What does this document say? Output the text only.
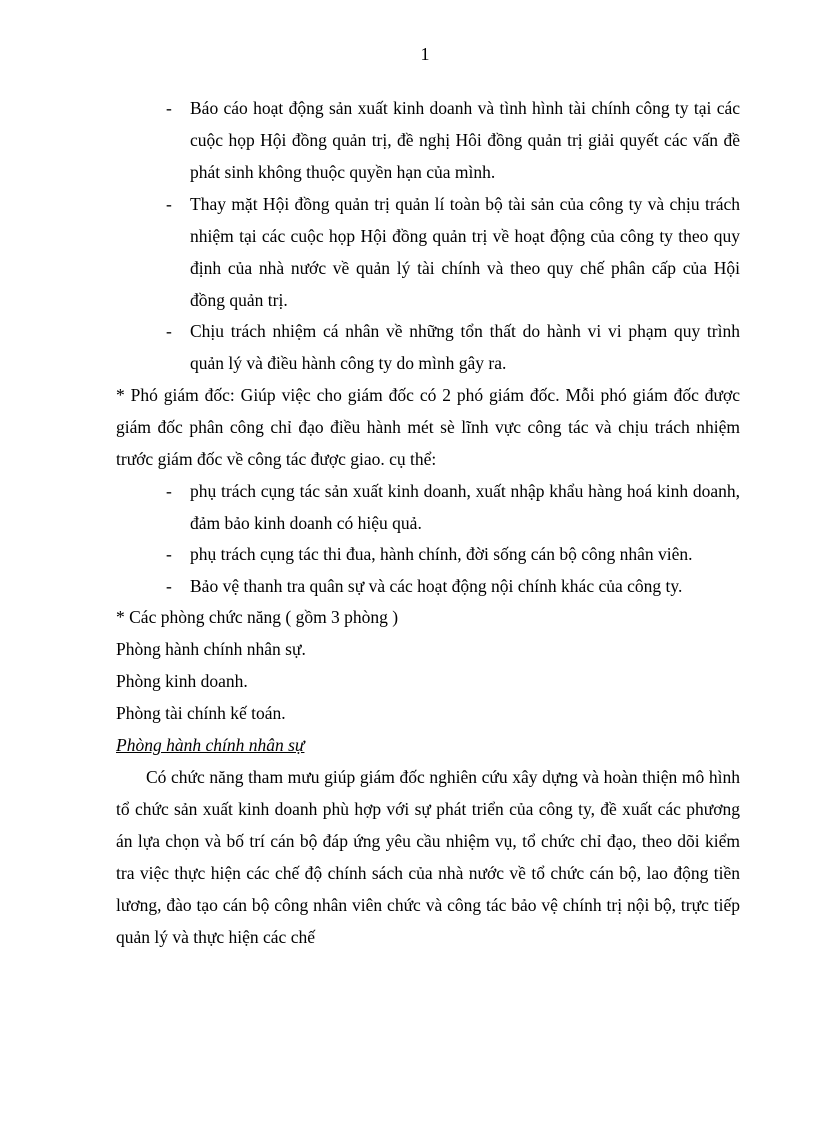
1
- Báo cáo hoạt động sản xuất kinh doanh và tình hình tài chính công ty tại các cuộc họp Hội đồng quản trị, đề nghị Hôi đồng quản trị giải quyết các vấn đề phát sinh không thuộc quyền hạn của mình.
- Thay mặt Hội đồng quản trị quản lí toàn bộ tài sản của công ty và chịu trách nhiệm tại các cuộc họp Hội đồng quản trị về hoạt động của công ty theo quy định của nhà nước về quản lý tài chính và theo quy chế phân cấp của Hội đồng quản trị.
- Chịu trách nhiệm cá nhân về những tổn thất do hành vi vi phạm quy trình quản lý và điều hành công ty do mình gây ra.

* Phó giám đốc: Giúp việc cho giám đốc có 2 phó giám đốc. Mỗi phó giám đốc được giám đốc phân công chỉ đạo điều hành mét sè lĩnh vực công tác và chịu trách nhiệm trước giám đốc về công tác được giao. cụ thể:

- phụ trách cụng tác sản xuất kinh doanh, xuất nhập khẩu hàng hoá kinh doanh, đảm bảo kinh doanh có hiệu quả.
- phụ trách cụng tác thi đua, hành chính, đời sống cán bộ công nhân viên.
- Bảo vệ thanh tra quân sự và các hoạt động nội chính khác của công ty.

* Các phòng chức năng ( gồm 3 phòng )

Phòng hành chính nhân sự.

Phòng kinh doanh.

Phòng tài chính kế toán.

Phòng hành chính nhân sự

Có chức năng tham mưu giúp giám đốc nghiên cứu xây dựng và hoàn thiện mô hình tổ chức sản xuất kinh doanh phù hợp với sự phát triển của công ty, đề xuất các phương án lựa chọn và bố trí cán bộ đáp ứng yêu cầu nhiệm vụ, tổ chức chỉ đạo, theo dõi kiểm tra việc thực hiện các chế độ chính sách của nhà nước về tổ chức cán bộ, lao động tiền lương, đào tạo cán bộ công nhân viên chức và công tác bảo vệ chính trị nội bộ, trực tiếp quản lý và thực hiện các chế
